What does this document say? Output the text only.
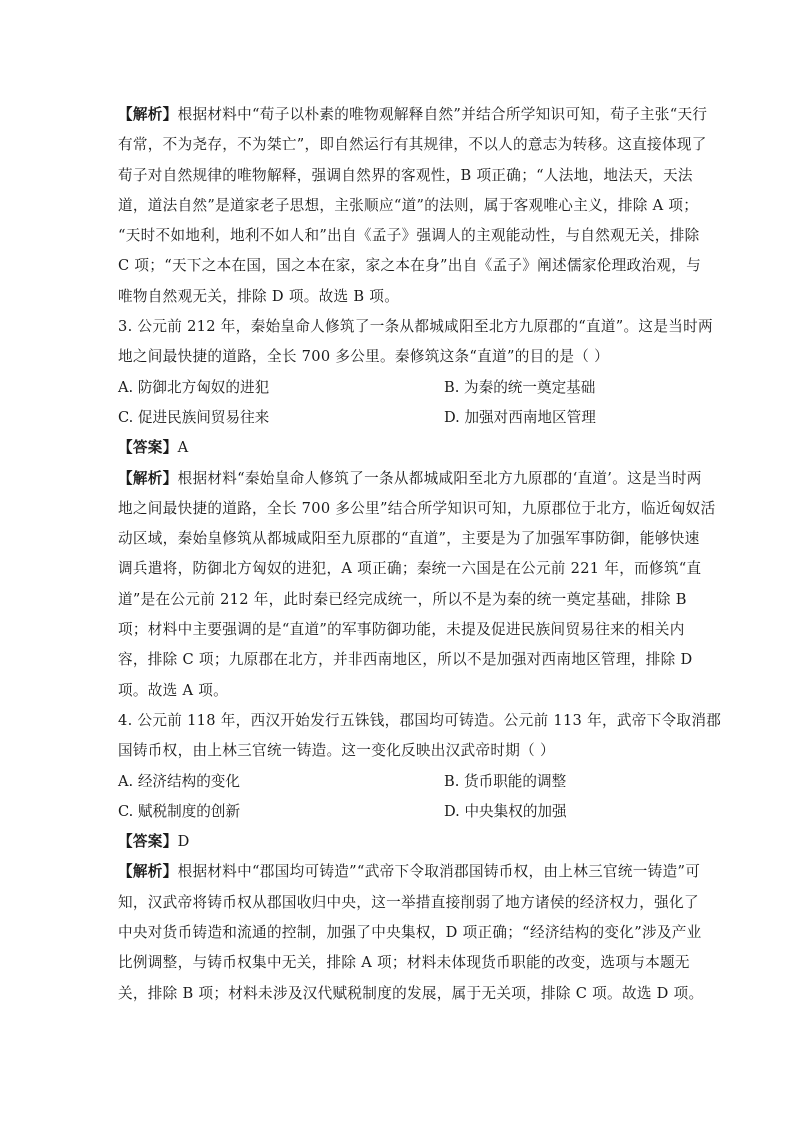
【解析】根据材料中“荀子以朴素的唯物观解释自然”并结合所学知识可知，荀子主张“天行
有常，不为尧存，不为桀亡”，即自然运行有其规律，不以人的意志为转移。这直接体现了
荀子对自然规律的唯物解释，强调自然界的客观性，B 项正确；“人法地，地法天，天法
道，道法自然”是道家老子思想，主张顺应“道”的法则，属于客观唯心主义，排除 A 项；
“天时不如地利，地利不如人和”出自《孟子》强调人的主观能动性，与自然观无关，排除
C 项；“天下之本在国，国之本在家，家之本在身”出自《孟子》阐述儒家伦理政治观，与
唯物自然观无关，排除 D 项。故选 B 项。

3. 公元前 212 年，秦始皇命人修筑了一条从都城咸阳至北方九原郡的“直道”。这是当时两
地之间最快捷的道路，全长 700 多公里。秦修筑这条“直道”的目的是（ ）

A. 防御北方匈奴的进犯	B. 为秦的统一奠定基础
C. 促进民族间贸易往来	D. 加强对西南地区管理

【答案】A

【解析】根据材料“秦始皇命人修筑了一条从都城咸阳至北方九原郡的‘直道’。这是当时两
地之间最快捷的道路，全长 700 多公里”结合所学知识可知，九原郡位于北方，临近匈奴活
动区域，秦始皇修筑从都城咸阳至九原郡的“直道”，主要是为了加强军事防御，能够快速
调兵遣将，防御北方匈奴的进犯，A 项正确；秦统一六国是在公元前 221 年，而修筑“直
道”是在公元前 212 年，此时秦已经完成统一，所以不是为秦的统一奠定基础，排除 B
项；材料中主要强调的是“直道”的军事防御功能，未提及促进民族间贸易往来的相关内
容，排除 C 项；九原郡在北方，并非西南地区，所以不是加强对西南地区管理，排除 D
项。故选 A 项。

4. 公元前 118 年，西汉开始发行五铢钱，郡国均可铸造。公元前 113 年，武帝下令取消郡
国铸币权，由上林三官统一铸造。这一变化反映出汉武帝时期（ ）

A. 经济结构的变化	B. 货币职能的调整
C. 赋税制度的创新	D. 中央集权的加强

【答案】D

【解析】根据材料中“郡国均可铸造”“武帝下令取消郡国铸币权，由上林三官统一铸造”可
知，汉武帝将铸币权从郡国收归中央，这一举措直接削弱了地方诸侯的经济权力，强化了
中央对货币铸造和流通的控制，加强了中央集权，D 项正确；“经济结构的变化”涉及产业
比例调整，与铸币权集中无关，排除 A 项；材料未体现货币职能的改变，选项与本题无
关，排除 B 项；材料未涉及汉代赋税制度的发展，属于无关项，排除 C 项。故选 D 项。
